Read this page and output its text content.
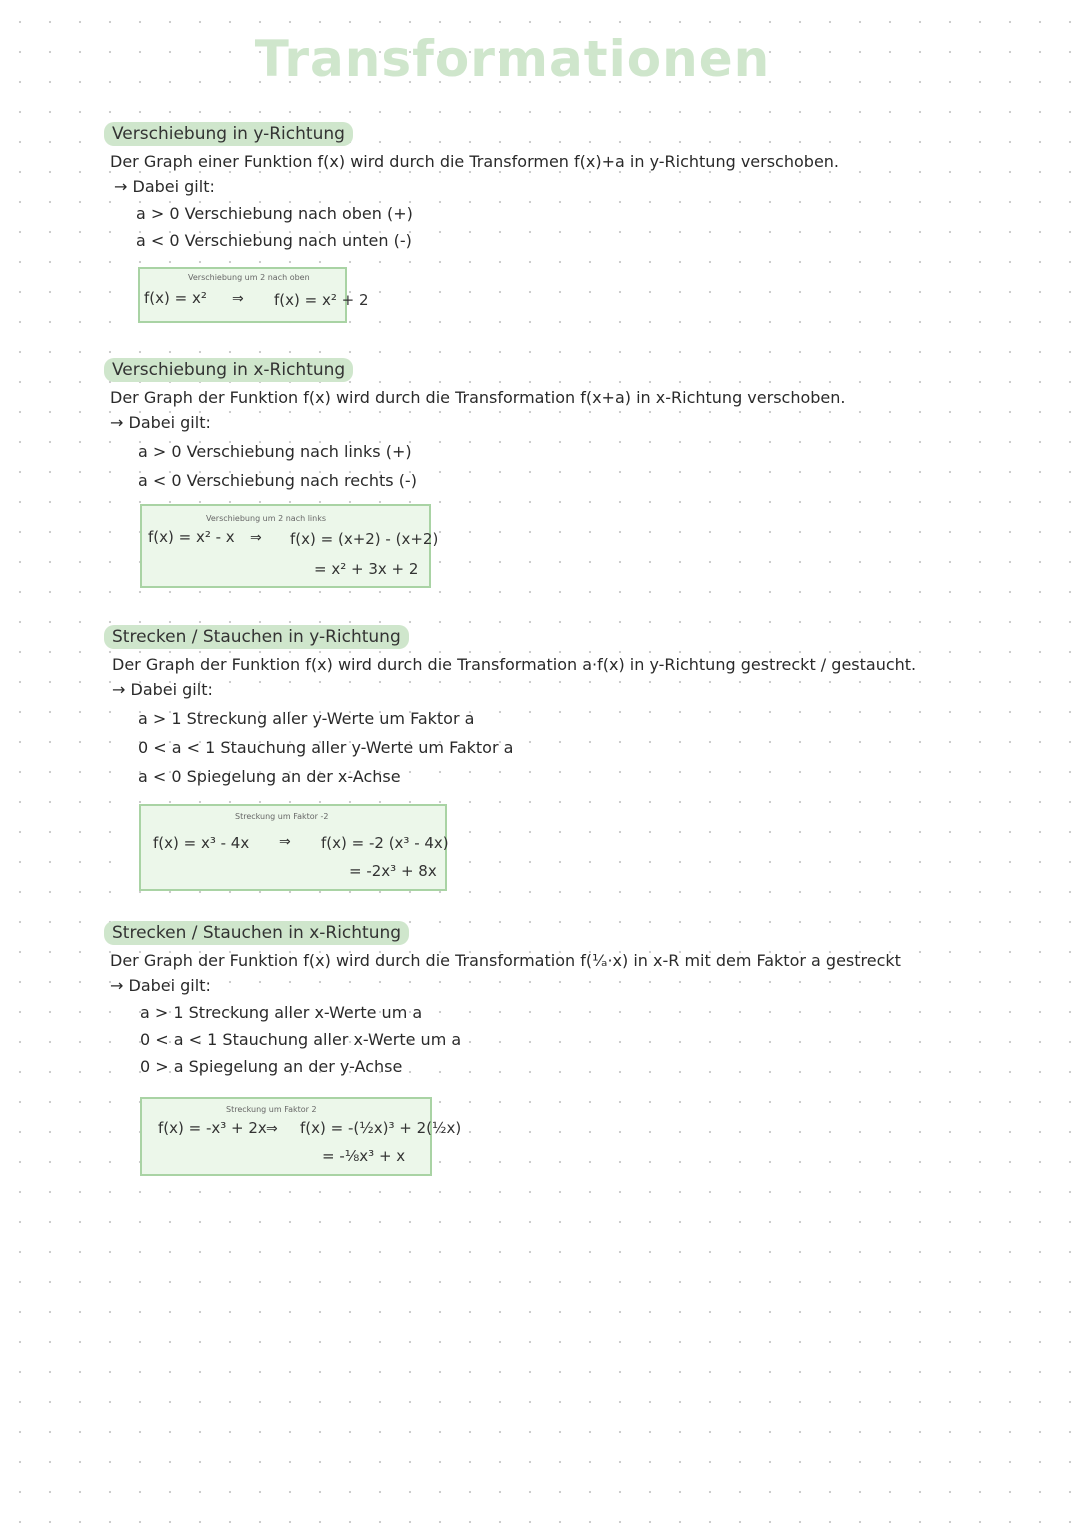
Transformationen
Verschiebung in y-Richtung
Der Graph einer Funktion f(x) wird durch die Transformen f(x)+a in y-Richtung verschoben.
→ Dabei gilt:
a > 0 Verschiebung nach oben (+)
a < 0 Verschiebung nach unten (-)
Verschiebung um 2 nach oben
f(x) = x² ⇒ f(x) = x² + 2
Verschiebung in x-Richtung
Der Graph der Funktion f(x) wird durch die Transformation f(x+a) in x-Richtung verschoben.
→ Dabei gilt:
a > 0 Verschiebung nach links (+)
a < 0 Verschiebung nach rechts (-)
Verschiebung um 2 nach links
f(x) = x² - x ⇒ f(x) = (x+2) - (x+2)
= x² + 3x + 2
Strecken / Stauchen in y-Richtung
Der Graph der Funktion f(x) wird durch die Transformation a·f(x) in y-Richtung gestreckt / gestaucht.
→ Dabei gilt:
a > 1 Streckung aller y-Werte um Faktor a
0 < a < 1 Stauchung aller y-Werte um Faktor a
a < 0 Spiegelung an der x-Achse
Streckung um Faktor -2
f(x) = x³ - 4x ⇒ f(x) = -2 (x³ - 4x)
= -2x³ + 8x
Strecken / Stauchen in x-Richtung
Der Graph der Funktion f(x) wird durch die Transformation f(¹⁄ₐ·x) in x-R mit dem Faktor a gestreckt
→ Dabei gilt:
a > 1 Streckung aller x-Werte um a
0 < a < 1 Stauchung aller x-Werte um a
0 > a Spiegelung an der y-Achse
Streckung um Faktor 2
f(x) = -x³ + 2x ⇒ f(x) = -(½x)³ + 2(½x)
= -⅛x³ + x
